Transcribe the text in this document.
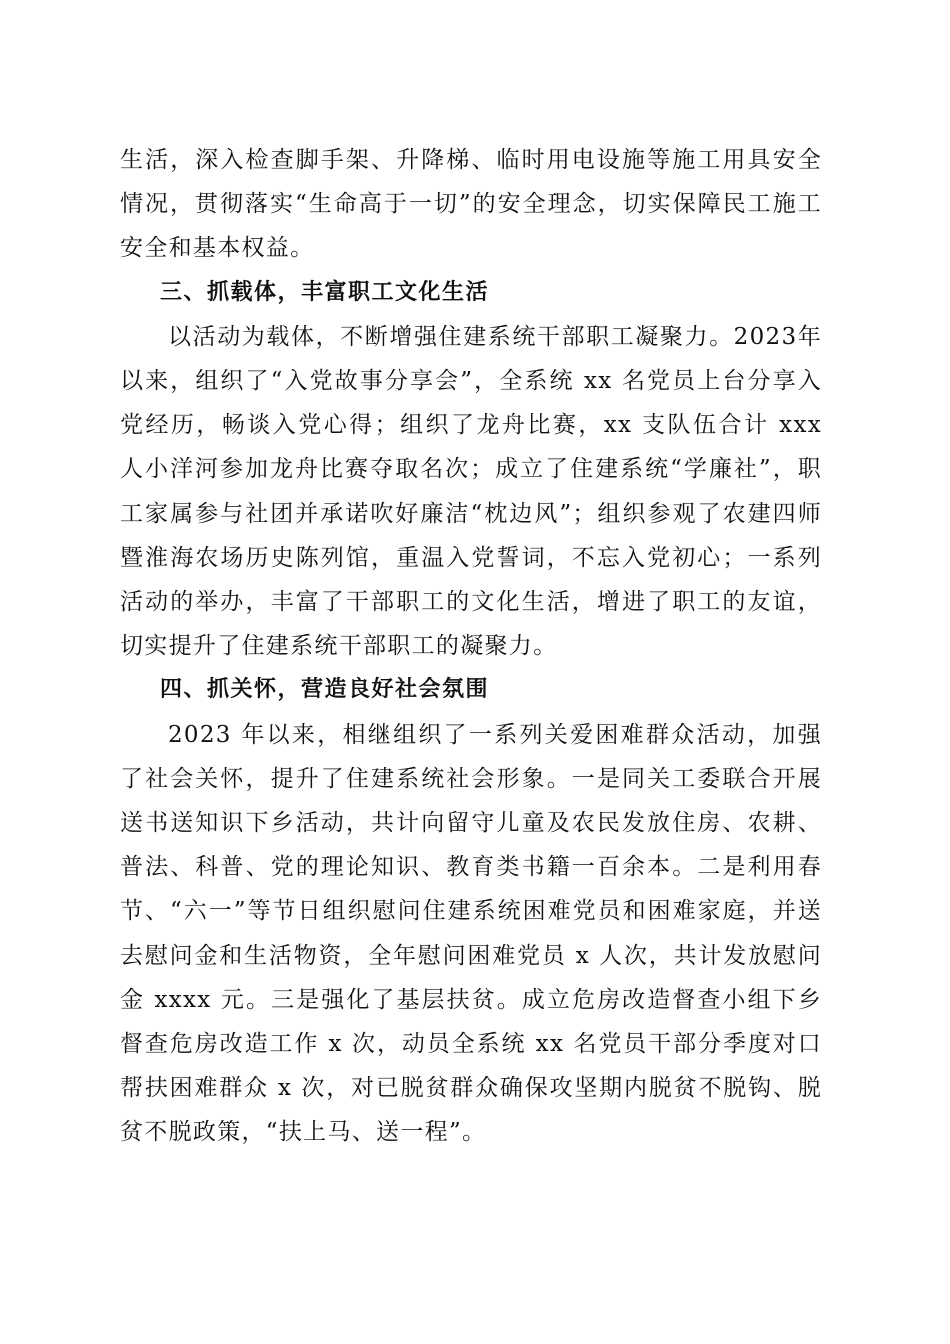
生活，深入检查脚手架、升降梯、临时用电设施等施工用具安全情况，贯彻落实“生命高于一切”的安全理念，切实保障民工施工安全和基本权益。

三、抓载体，丰富职工文化生活

以活动为载体，不断增强住建系统干部职工凝聚力。2023年以来，组织了“入党故事分享会”，全系统 xx 名党员上台分享入党经历，畅谈入党心得；组织了龙舟比赛，xx 支队伍合计 xxx 人小洋河参加龙舟比赛夺取名次；成立了住建系统“学廉社”，职工家属参与社团并承诺吹好廉洁“枕边风”；组织参观了农建四师暨淮海农场历史陈列馆，重温入党誓词，不忘入党初心；一系列活动的举办，丰富了干部职工的文化生活，增进了职工的友谊，切实提升了住建系统干部职工的凝聚力。

四、抓关怀，营造良好社会氛围

2023 年以来，相继组织了一系列关爱困难群众活动，加强了社会关怀，提升了住建系统社会形象。一是同关工委联合开展送书送知识下乡活动，共计向留守儿童及农民发放住房、农耕、普法、科普、党的理论知识、教育类书籍一百余本。二是利用春节、“六一”等节日组织慰问住建系统困难党员和困难家庭，并送去慰问金和生活物资，全年慰问困难党员 x 人次，共计发放慰问金 xxxx 元。三是强化了基层扶贫。成立危房改造督查小组下乡督查危房改造工作 x 次，动员全系统 xx 名党员干部分季度对口帮扶困难群众 x 次，对已脱贫群众确保攻坚期内脱贫不脱钩、脱贫不脱政策，“扶上马、送一程”。
